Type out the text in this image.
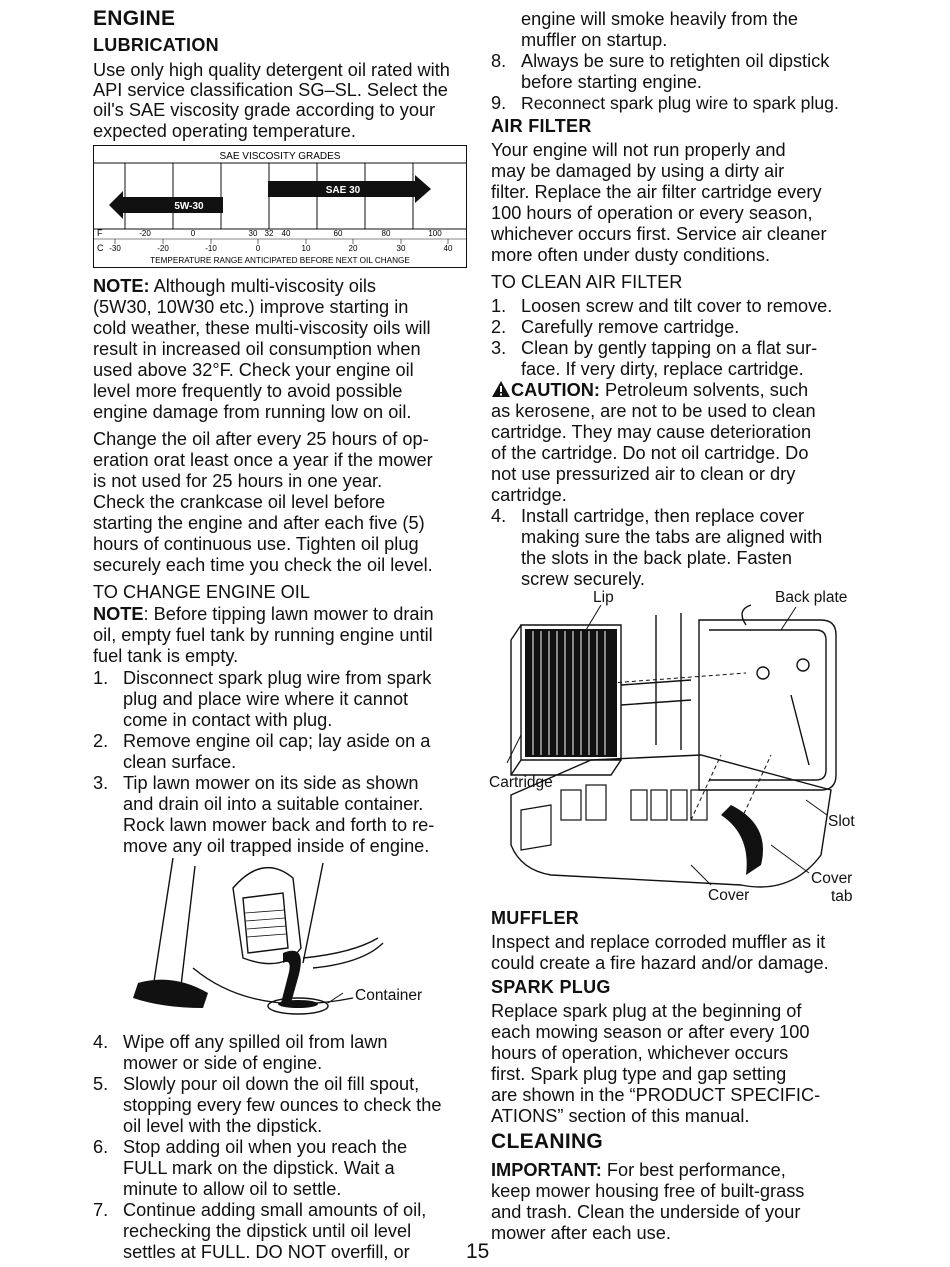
ENGINE
LUBRICATION
Use only high quality detergent oil rated with
API service classification SG–SL. Select the
oil's SAE viscosity grade according to your
expected operating temperature.
SAE VISCOSITY GRADES
SAE 30
5W-30
F	-20	0	30 32 40	60	80	100
C -30	-20	-10	0	10	20	30	40
TEMPERATURE RANGE ANTICIPATED BEFORE NEXT OIL CHANGE
NOTE: Although multi-viscosity oils
(5W30, 10W30 etc.) improve starting in
cold weather, these multi-viscosity oils will
result in increased oil consumption when
used above 32°F. Check your engine oil
level more frequently to avoid possible
engine damage from running low on oil.
Change the oil after every 25 hours of op-
eration orat least once a year if the mower
is not used for 25 hours in one year.
Check the crankcase oil level before
starting the engine and after each five (5)
hours of continuous use. Tighten oil plug
securely each time you check the oil level.
TO CHANGE ENGINE OIL
NOTE: Before tipping lawn mower to drain
oil, empty fuel tank by running engine until
fuel tank is empty.
1. Disconnect spark plug wire from spark
plug and place wire where it cannot
come in contact with plug.
2. Remove engine oil cap; lay aside on a
clean surface.
3. Tip lawn mower on its side as shown
and drain oil into a suitable container.
Rock lawn mower back and forth to re-
move any oil trapped inside of engine.
Container
4. Wipe off any spilled oil from lawn
mower or side of engine.
5. Slowly pour oil down the oil fill spout,
stopping every few ounces to check the
oil level with the dipstick.
6. Stop adding oil when you reach the
FULL mark on the dipstick. Wait a
minute to allow oil to settle.
7. Continue adding small amounts of oil,
rechecking the dipstick until oil level
settles at FULL. DO NOT overfill, or	15
engine will smoke heavily from the
muffler on startup.
8. Always be sure to retighten oil dipstick
before starting engine.
9. Reconnect spark plug wire to spark plug.
AIR FILTER
Your engine will not run properly and
may be damaged by using a dirty air
filter. Replace the air filter cartridge every
100 hours of operation or every season,
whichever occurs first. Service air cleaner
more often under dusty conditions.
TO CLEAN AIR FILTER
1. Loosen screw and tilt cover to remove.
2. Carefully remove cartridge.
3. Clean by gently tapping on a flat sur-
face. If very dirty, replace cartridge.
CAUTION: Petroleum solvents, such
as kerosene, are not to be used to clean
cartridge. They may cause deterioration
of the cartridge. Do not oil cartridge. Do
not use pressurized air to clean or dry
cartridge.
4. Install cartridge, then replace cover
making sure the tabs are aligned with
the slots in the back plate. Fasten
screw securely.
Lip	Back plate
Cartridge
Slot
Cover
Cover
tab
MUFFLER
Inspect and replace corroded muffler as it
could create a fire hazard and/or damage.
SPARK PLUG
Replace spark plug at the beginning of
each mowing season or after every 100
hours of operation, whichever occurs
first. Spark plug type and gap setting
are shown in the “PRODUCT SPECIFIC-
ATIONS” section of this manual.
CLEANING
IMPORTANT: For best performance,
keep mower housing free of built-grass
and trash. Clean the underside of your
mower after each use.
